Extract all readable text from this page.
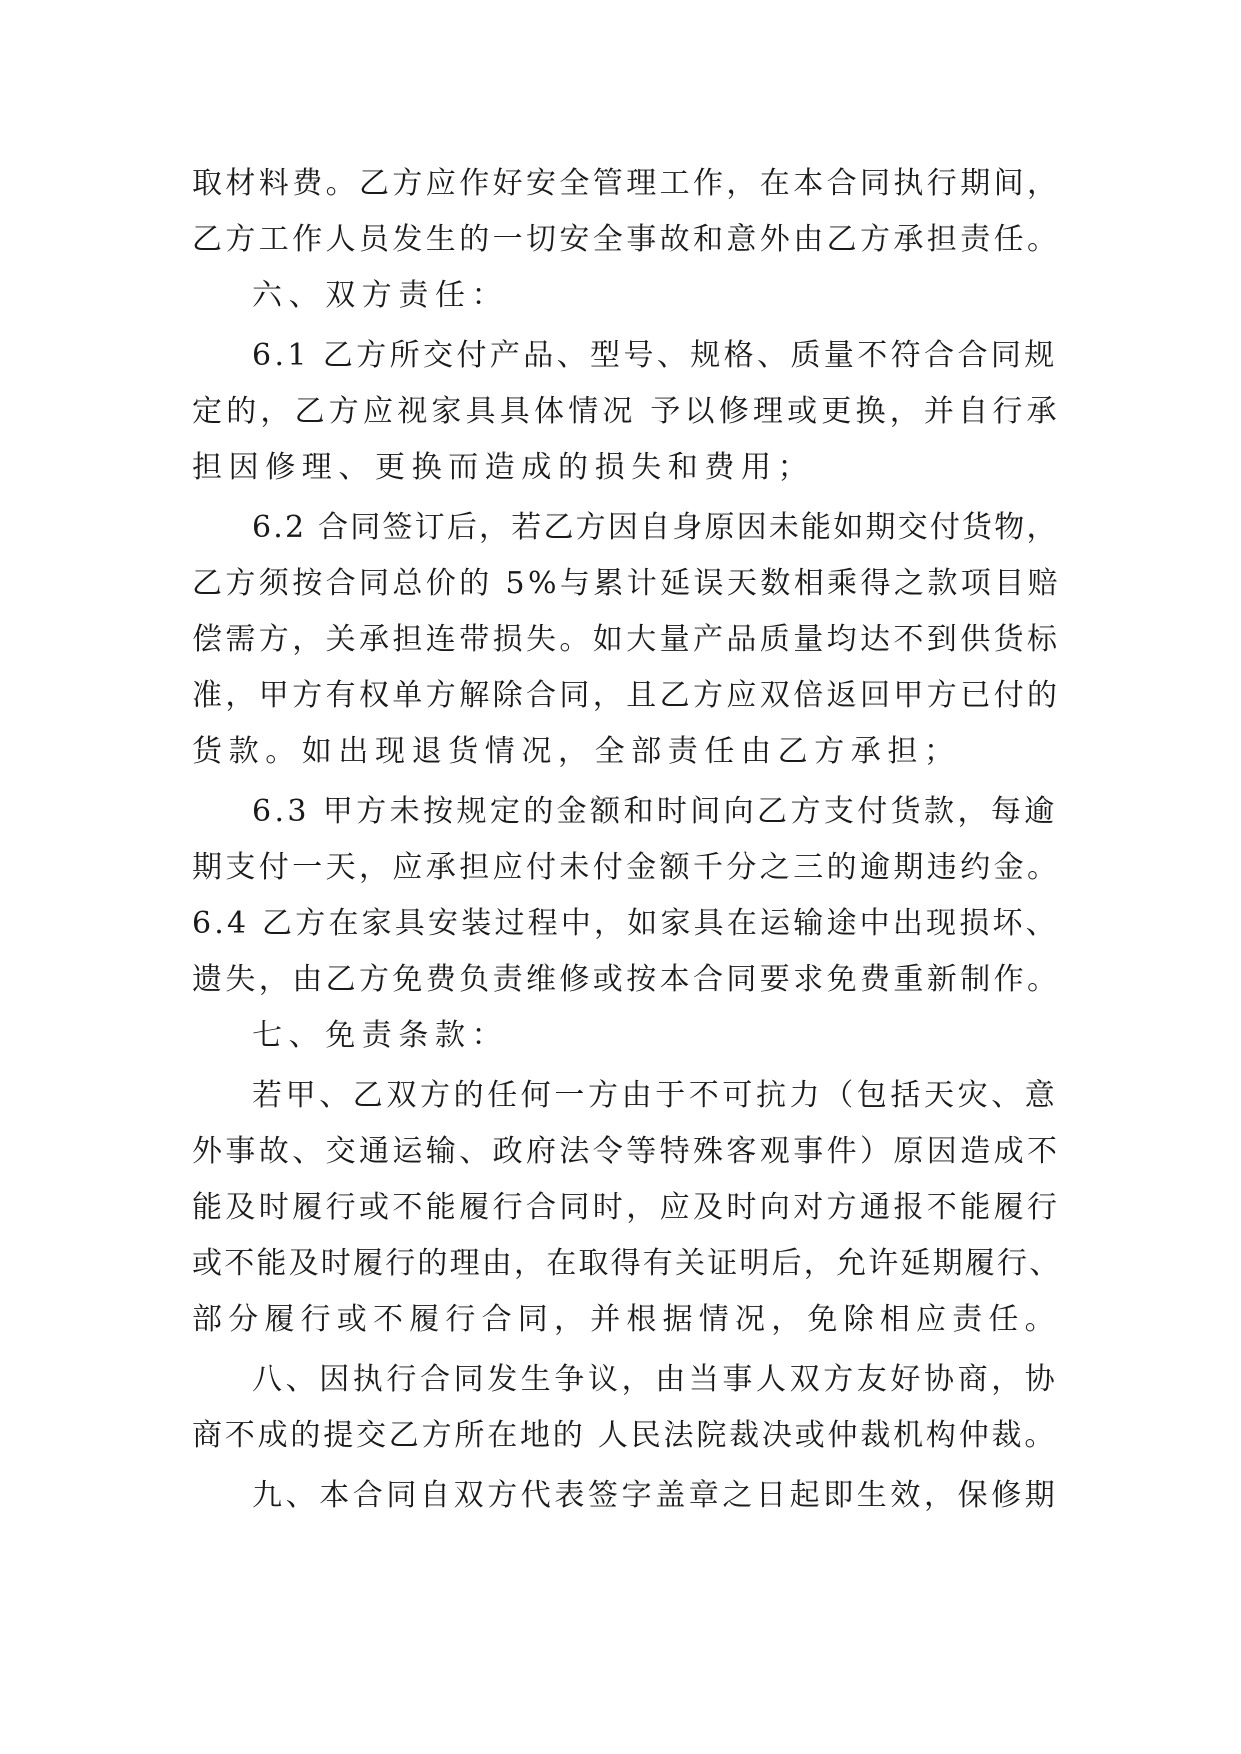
取材料费。乙方应作好安全管理工作，在本合同执行期间，
乙方工作人员发生的一切安全事故和意外由乙方承担责任。
六、双方责任：
6.1 乙方所交付产品、型号、规格、质量不符合合同规
定的，乙方应视家具具体情况 予以修理或更换，并自行承
担因修理、更换而造成的损失和费用；
6.2 合同签订后，若乙方因自身原因未能如期交付货物，
乙方须按合同总价的 5%与累计延误天数相乘得之款项目赔
偿需方，关承担连带损失。如大量产品质量均达不到供货标
准，甲方有权单方解除合同，且乙方应双倍返回甲方已付的
货款。如出现退货情况，全部责任由乙方承担；
6.3 甲方未按规定的金额和时间向乙方支付货款，每逾
期支付一天，应承担应付未付金额千分之三的逾期违约金。
6.4 乙方在家具安装过程中，如家具在运输途中出现损坏、
遗失，由乙方免费负责维修或按本合同要求免费重新制作。
七、免责条款：
若甲、乙双方的任何一方由于不可抗力（包括天灾、意
外事故、交通运输、政府法令等特殊客观事件）原因造成不
能及时履行或不能履行合同时，应及时向对方通报不能履行
或不能及时履行的理由，在取得有关证明后，允许延期履行、
部分履行或不履行合同，并根据情况，免除相应责任。
八、因执行合同发生争议，由当事人双方友好协商，协
商不成的提交乙方所在地的 人民法院裁决或仲裁机构仲裁。
九、本合同自双方代表签字盖章之日起即生效，保修期
